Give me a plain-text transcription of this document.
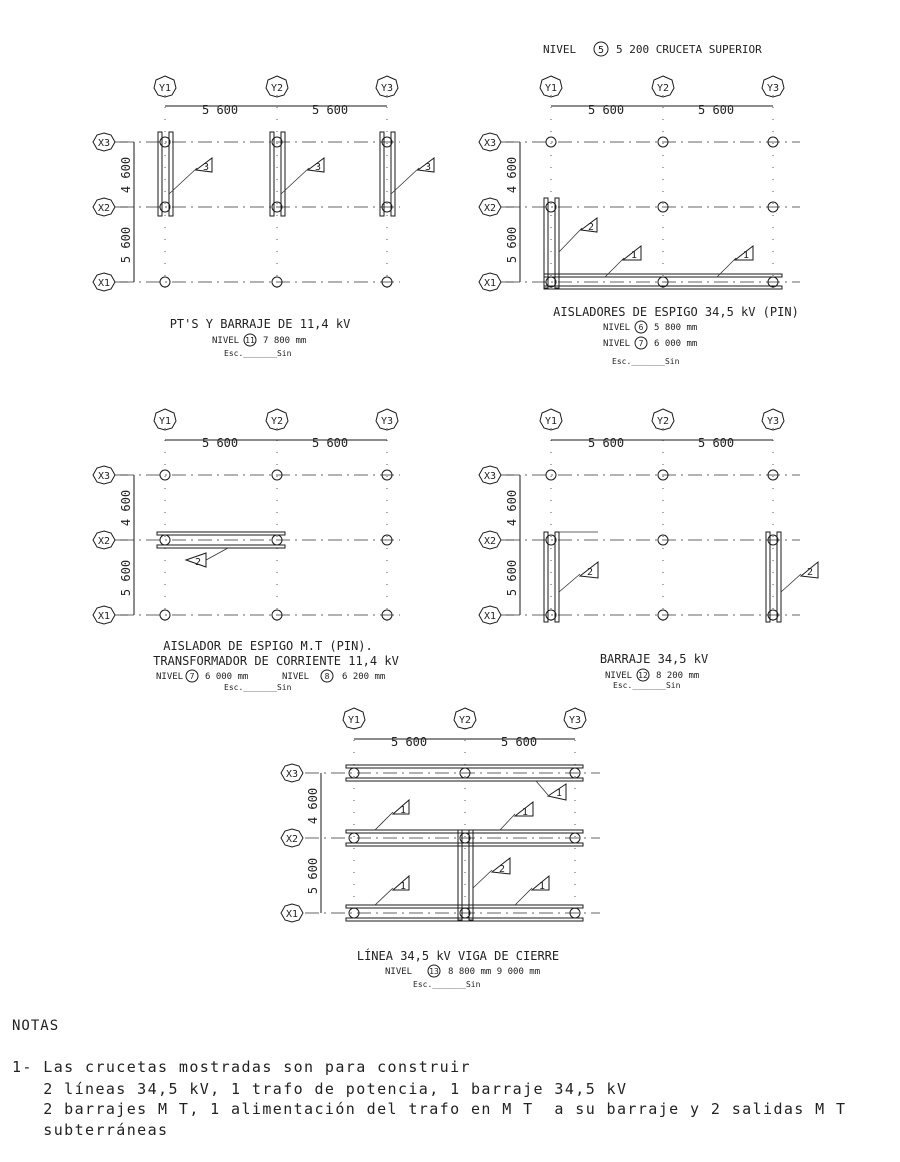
5 600	5 600
4 600
5 600
Y1	Y2	Y3
X3
X2
X1
3	3	3
PT'S Y BARRAJE DE 11,4 kV
NIVEL 11 7 800 mm
Esc._______Sin
NIVEL 5 5 200 CRUCETA SUPERIOR
5 600	5 600
4 600
5 600
Y1	Y2	Y3
X3
X2
X1
2
1	1
AISLADORES DE ESPIGO 34,5 kV (PIN)
NIVEL 6 5 800 mm
NIVEL 7 6 000 mm
Esc._______Sin
5 600	5 600
4 600
5 600
Y1	Y2	Y3
X3
X2
X1
2
AISLADOR DE ESPIGO M.T (PIN).
TRANSFORMADOR DE CORRIENTE 11,4 kV
NIVEL 7 6 000 mm	NIVEL 8 6 200 mm
Esc._______Sin
5 600	5 600
4 600
5 600
Y1	Y2	Y3
X3
X2
X1
2	2
BARRAJE 34,5 kV
NIVEL 12 8 200 mm
Esc._______Sin
5 600	5 600
4 600
5 600
Y1	Y2	Y3
X3
X2
X1
1
1	1
1	1
2
LÍNEA 34,5 kV VIGA DE CIERRE
NIVEL 13 8 800 mm 9 000 mm
Esc._______Sin
NOTAS
1- Las crucetas mostradas son para construir
2 líneas 34,5 kV, 1 trafo de potencia, 1 barraje 34,5 kV
2 barrajes M T, 1 alimentación del trafo en M T  a su barraje y 2 salidas M T
subterráneas
